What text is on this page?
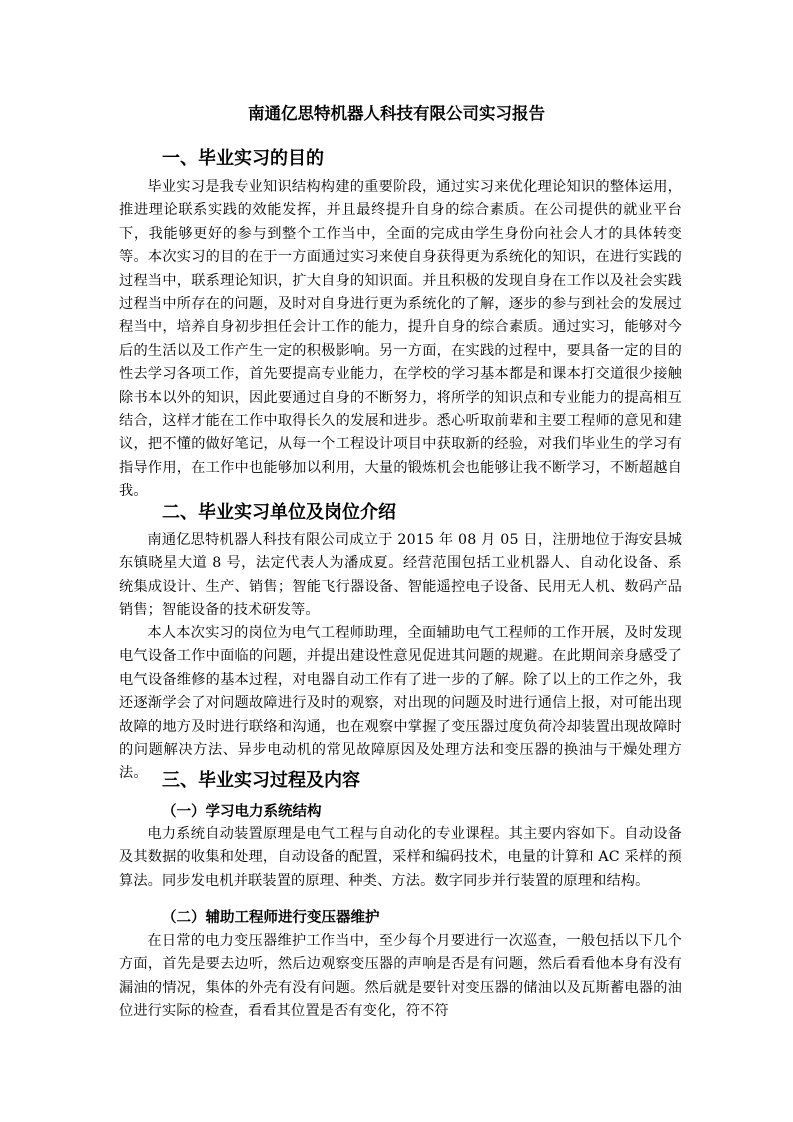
南通亿思特机器人科技有限公司实习报告
一、毕业实习的目的
毕业实习是我专业知识结构构建的重要阶段，通过实习来优化理论知识的整体运用，推进理论联系实践的效能发挥，并且最终提升自身的综合素质。在公司提供的就业平台下，我能够更好的参与到整个工作当中，全面的完成由学生身份向社会人才的具体转变等。本次实习的目的在于一方面通过实习来使自身获得更为系统化的知识，在进行实践的过程当中，联系理论知识，扩大自身的知识面。并且积极的发现自身在工作以及社会实践过程当中所存在的问题，及时对自身进行更为系统化的了解，逐步的参与到社会的发展过程当中，培养自身初步担任会计工作的能力，提升自身的综合素质。通过实习，能够对今后的生活以及工作产生一定的积极影响。另一方面，在实践的过程中，要具备一定的目的性去学习各项工作，首先要提高专业能力，在学校的学习基本都是和课本打交道很少接触除书本以外的知识，因此要通过自身的不断努力，将所学的知识点和专业能力的提高相互结合，这样才能在工作中取得长久的发展和进步。悉心听取前辈和主要工程师的意见和建议，把不懂的做好笔记，从每一个工程设计项目中获取新的经验，对我们毕业生的学习有指导作用，在工作中也能够加以利用，大量的锻炼机会也能够让我不断学习，不断超越自我。
二、毕业实习单位及岗位介绍
南通亿思特机器人科技有限公司成立于 2015 年 08 月 05 日，注册地位于海安县城东镇晓星大道 8 号，法定代表人为潘成夏。经营范围包括工业机器人、自动化设备、系统集成设计、生产、销售；智能飞行器设备、智能遥控电子设备、民用无人机、数码产品销售；智能设备的技术研发等。
本人本次实习的岗位为电气工程师助理，全面辅助电气工程师的工作开展，及时发现电气设备工作中面临的问题，并提出建设性意见促进其问题的规避。在此期间亲身感受了电气设备维修的基本过程，对电器自动工作有了进一步的了解。除了以上的工作之外，我还逐渐学会了对问题故障进行及时的观察，对出现的问题及时进行通信上报，对可能出现故障的地方及时进行联络和沟通，也在观察中掌握了变压器过度负荷冷却装置出现故障时的问题解决方法、异步电动机的常见故障原因及处理方法和变压器的换油与干燥处理方法。 三、毕业实习过程及内容
（一）学习电力系统结构
电力系统自动装置原理是电气工程与自动化的专业课程。其主要内容如下。自动设备及其数据的收集和处理，自动设备的配置，采样和编码技术，电量的计算和 AC 采样的预算法。同步发电机并联装置的原理、种类、方法。数字同步并行装置的原理和结构。
（二）辅助工程师进行变压器维护
在日常的电力变压器维护工作当中，至少每个月要进行一次巡查，一般包括以下几个方面，首先是要去边听，然后边观察变压器的声响是否是有问题，然后看看他本身有没有漏油的情况，集体的外壳有没有问题。然后就是要针对变压器的储油以及瓦斯蓄电器的油位进行实际的检查，看看其位置是否有变化，符不符
